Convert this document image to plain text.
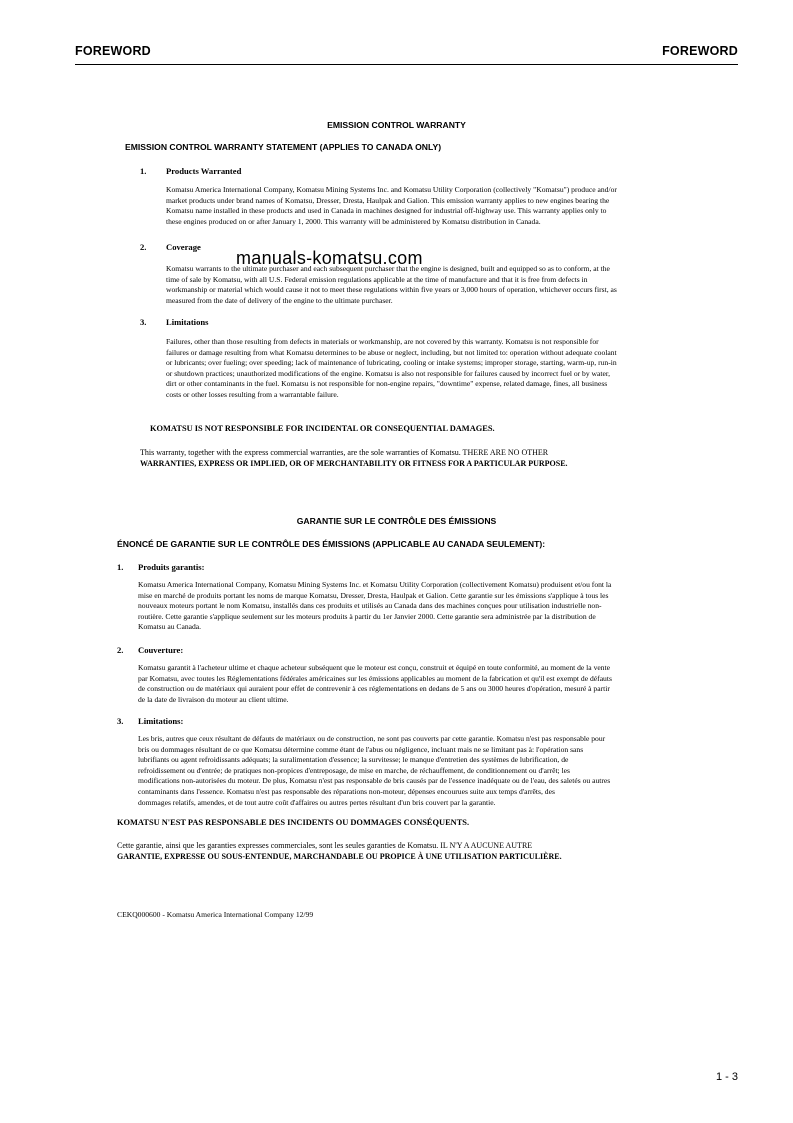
FOREWORD	FOREWORD
EMISSION CONTROL WARRANTY
EMISSION CONTROL WARRANTY STATEMENT (APPLIES TO CANADA ONLY)
1. Products Warranted
Komatsu America International Company, Komatsu Mining Systems Inc. and Komatsu Utility Corporation (collectively "Komatsu") produce and/or
market products under brand names of Komatsu, Dresser, Dresta, Haulpak and Galion. This emission warranty applies to new engines bearing the
Komatsu name installed in these products and used in Canada in machines designed for industrial off-highway use. This warranty applies only to
these engines produced on or after January 1, 2000. This warranty will be administered by Komatsu distribution in Canada.
manuals-komatsu.com
2. Coverage
Komatsu warrants to the ultimate purchaser and each subsequent purchaser that the engine is designed, built and equipped so as to conform, at the
time of sale by Komatsu, with all U.S. Federal emission regulations applicable at the time of manufacture and that it is free from defects in
workmanship or material which would cause it not to meet these regulations within five years or 3,000 hours of operation, whichever occurs first, as
measured from the date of delivery of the engine to the ultimate purchaser.
3. Limitations
Failures, other than those resulting from defects in materials or workmanship, are not covered by this warranty. Komatsu is not responsible for
failures or damage resulting from what Komatsu determines to be abuse or neglect, including, but not limited to: operation without adequate coolant
or lubricants; over fueling; over speeding; lack of maintenance of lubricating, cooling or intake systems; improper storage, starting, warm-up, run-in
or shutdown practices; unauthorized modifications of the engine. Komatsu is also not responsible for failures caused by incorrect fuel or by water,
dirt or other contaminants in the fuel. Komatsu is not responsible for non-engine repairs, "downtime" expense, related damage, fines, all business
costs or other losses resulting from a warrantable failure.
KOMATSU IS NOT RESPONSIBLE FOR INCIDENTAL OR CONSEQUENTIAL DAMAGES.
This warranty, together with the express commercial warranties, are the sole warranties of Komatsu. THERE ARE NO OTHER
WARRANTIES, EXPRESS OR IMPLIED, OR OF MERCHANTABILITY OR FITNESS FOR A PARTICULAR PURPOSE.
GARANTIE SUR LE CONTRÔLE DES ÉMISSIONS
ÉNONCÉ DE GARANTIE SUR LE CONTRÔLE DES ÉMISSIONS (APPLICABLE AU CANADA SEULEMENT):
1. Produits garantis:
Komatsu America International Company, Komatsu Mining Systems Inc. et Komatsu Utility Corporation (collectivement Komatsu) produisent et/ou font la
mise en marché de produits portant les noms de marque Komatsu, Dresser, Dresta, Haulpak et Galion. Cette garantie sur les émissions s'applique à tous les
nouveaux moteurs portant le nom Komatsu, installés dans ces produits et utilisés au Canada dans des machines conçues pour utilisation industrielle non-
routière. Cette garantie s'applique seulement sur les moteurs produits à partir du 1er Janvier 2000. Cette garantie sera administrée par la distribution de
Komatsu au Canada.
2. Couverture:
Komatsu garantit à l'acheteur ultime et chaque acheteur subséquent que le moteur est conçu, construit et équipé en toute conformité, au moment de la vente
par Komatsu, avec toutes les Réglementations fédérales américaines sur les émissions applicables au moment de la fabrication et qu'il est exempt de défauts
de construction ou de matériaux qui auraient pour effet de contrevenir à ces réglementations en dedans de 5 ans ou 3000 heures d'opération, mesuré à partir
de la date de livraison du moteur au client ultime.
3. Limitations:
Les bris, autres que ceux résultant de défauts de matériaux ou de construction, ne sont pas couverts par cette garantie. Komatsu n'est pas responsable pour
bris ou dommages résultant de ce que Komatsu détermine comme étant de l'abus ou négligence, incluant mais ne se limitant pas à: l'opération sans
lubrifiants ou agent refroidissants adéquats; la suralimentation d'essence; la survitesse; le manque d'entretien des systèmes de lubrification, de
refroidissement ou d'entrée; de pratiques non-propices d'entreposage, de mise en marche, de réchauffement, de conditionnement ou d'arrêt; les
modifications non-autorisées du moteur. De plus, Komatsu n'est pas responsable de bris causés par de l'essence inadéquate ou de l'eau, des saletés ou autres
contaminants dans l'essence. Komatsu n'est pas responsable des réparations non-moteur, dépenses encourues suite aux temps d'arrêts, des
dommages relatifs, amendes, et de tout autre coût d'affaires ou autres pertes résultant d'un bris couvert par la garantie.
KOMATSU N'EST PAS RESPONSABLE DES INCIDENTS OU DOMMAGES CONSÉQUENTS.
Cette garantie, ainsi que les garanties expresses commerciales, sont les seules garanties de Komatsu. IL N'Y A AUCUNE AUTRE
GARANTIE, EXPRESSE OU SOUS-ENTENDUE, MARCHANDABLE OU PROPICE À UNE UTILISATION PARTICULIÈRE.
CEKQ000600 - Komatsu America International Company 12/99
1 - 3
